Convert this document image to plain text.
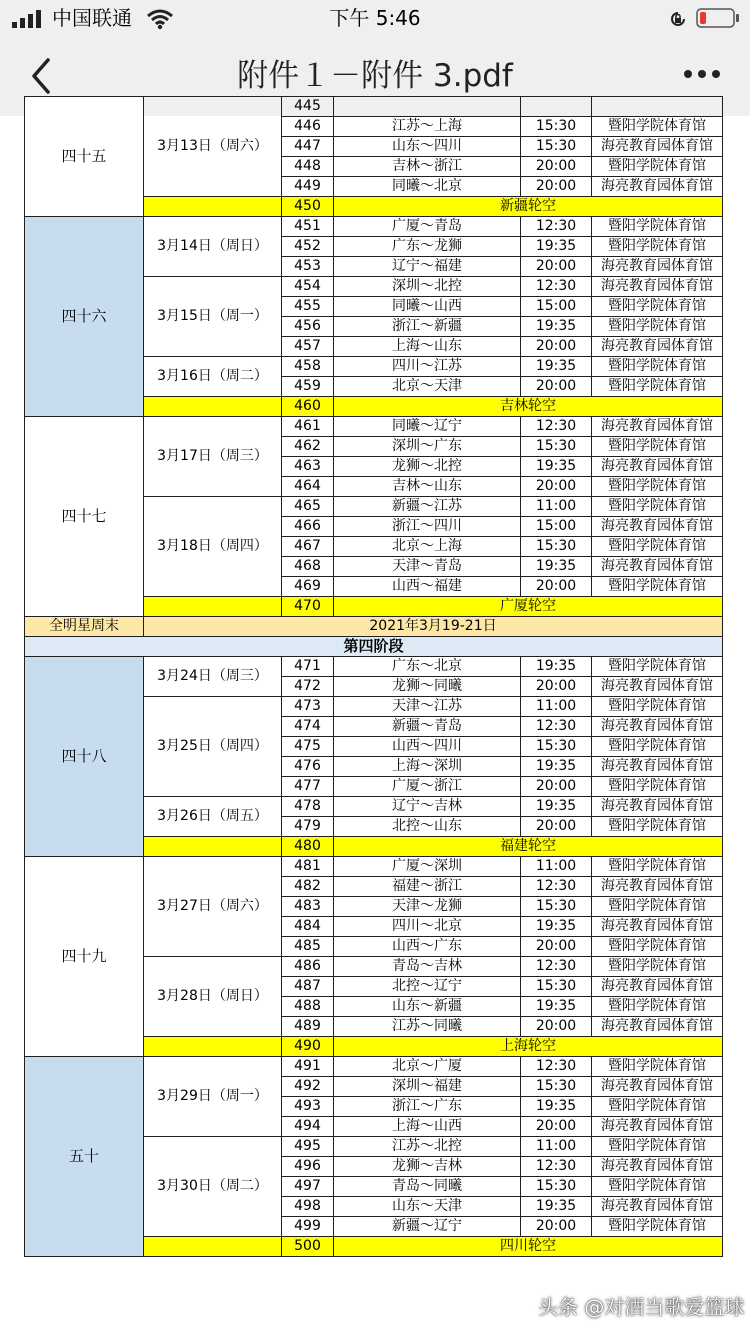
中国联通	下午 5:46
附件１－附件 3.pdf
四十五	3月13日（周六）	445			
		446	江苏～上海	15:30	暨阳学院体育馆
		447	山东～四川	15:30	海亮教育园体育馆
		448	吉林～浙江	20:00	暨阳学院体育馆
		449	同曦～北京	20:00	海亮教育园体育馆
		450	新疆轮空		
四十六	3月14日（周日）	451	广厦～青岛	12:30	暨阳学院体育馆
		452	广东～龙狮	19:35	暨阳学院体育馆
		453	辽宁～福建	20:00	海亮教育园体育馆
	3月15日（周一）	454	深圳～北控	12:30	海亮教育园体育馆
		455	同曦～山西	15:00	暨阳学院体育馆
		456	浙江～新疆	19:35	暨阳学院体育馆
		457	上海～山东	20:00	海亮教育园体育馆
	3月16日（周二）	458	四川～江苏	19:35	暨阳学院体育馆
		459	北京～天津	20:00	暨阳学院体育馆
		460	吉林轮空		
四十七	3月17日（周三）	461	同曦～辽宁	12:30	海亮教育园体育馆
		462	深圳～广东	15:30	暨阳学院体育馆
		463	龙狮～北控	19:35	海亮教育园体育馆
		464	吉林～山东	20:00	暨阳学院体育馆
	3月18日（周四）	465	新疆～江苏	11:00	暨阳学院体育馆
		466	浙江～四川	15:00	海亮教育园体育馆
		467	北京～上海	15:30	暨阳学院体育馆
		468	天津～青岛	19:35	海亮教育园体育馆
		469	山西～福建	20:00	暨阳学院体育馆
		470	广厦轮空		
全明星周末	2021年3月19-21日				
第四阶段					
四十八	3月24日（周三）	471	广东～北京	19:35	暨阳学院体育馆
		472	龙狮～同曦	20:00	海亮教育园体育馆
	3月25日（周四）	473	天津～江苏	11:00	暨阳学院体育馆
		474	新疆～青岛	12:30	海亮教育园体育馆
		475	山西～四川	15:30	暨阳学院体育馆
		476	上海～深圳	19:35	海亮教育园体育馆
		477	广厦～浙江	20:00	暨阳学院体育馆
	3月26日（周五）	478	辽宁～吉林	19:35	海亮教育园体育馆
		479	北控～山东	20:00	暨阳学院体育馆
		480	福建轮空		
四十九	3月27日（周六）	481	广厦～深圳	11:00	暨阳学院体育馆
		482	福建～浙江	12:30	海亮教育园体育馆
		483	天津～龙狮	15:30	暨阳学院体育馆
		484	四川～北京	19:35	海亮教育园体育馆
		485	山西～广东	20:00	暨阳学院体育馆
	3月28日（周日）	486	青岛～吉林	12:30	暨阳学院体育馆
		487	北控～辽宁	15:30	海亮教育园体育馆
		488	山东～新疆	19:35	暨阳学院体育馆
		489	江苏～同曦	20:00	海亮教育园体育馆
		490	上海轮空		
五十	3月29日（周一）	491	北京～广厦	12:30	暨阳学院体育馆
		492	深圳～福建	15:30	海亮教育园体育馆
		493	浙江～广东	19:35	暨阳学院体育馆
		494	上海～山西	20:00	海亮教育园体育馆
	3月30日（周二）	495	江苏～北控	11:00	暨阳学院体育馆
		496	龙狮～吉林	12:30	海亮教育园体育馆
		497	青岛～同曦	15:30	暨阳学院体育馆
		498	山东～天津	19:35	海亮教育园体育馆
		499	新疆～辽宁	20:00	暨阳学院体育馆
		500	四川轮空		
头条 @对酒当歌爱篮球
